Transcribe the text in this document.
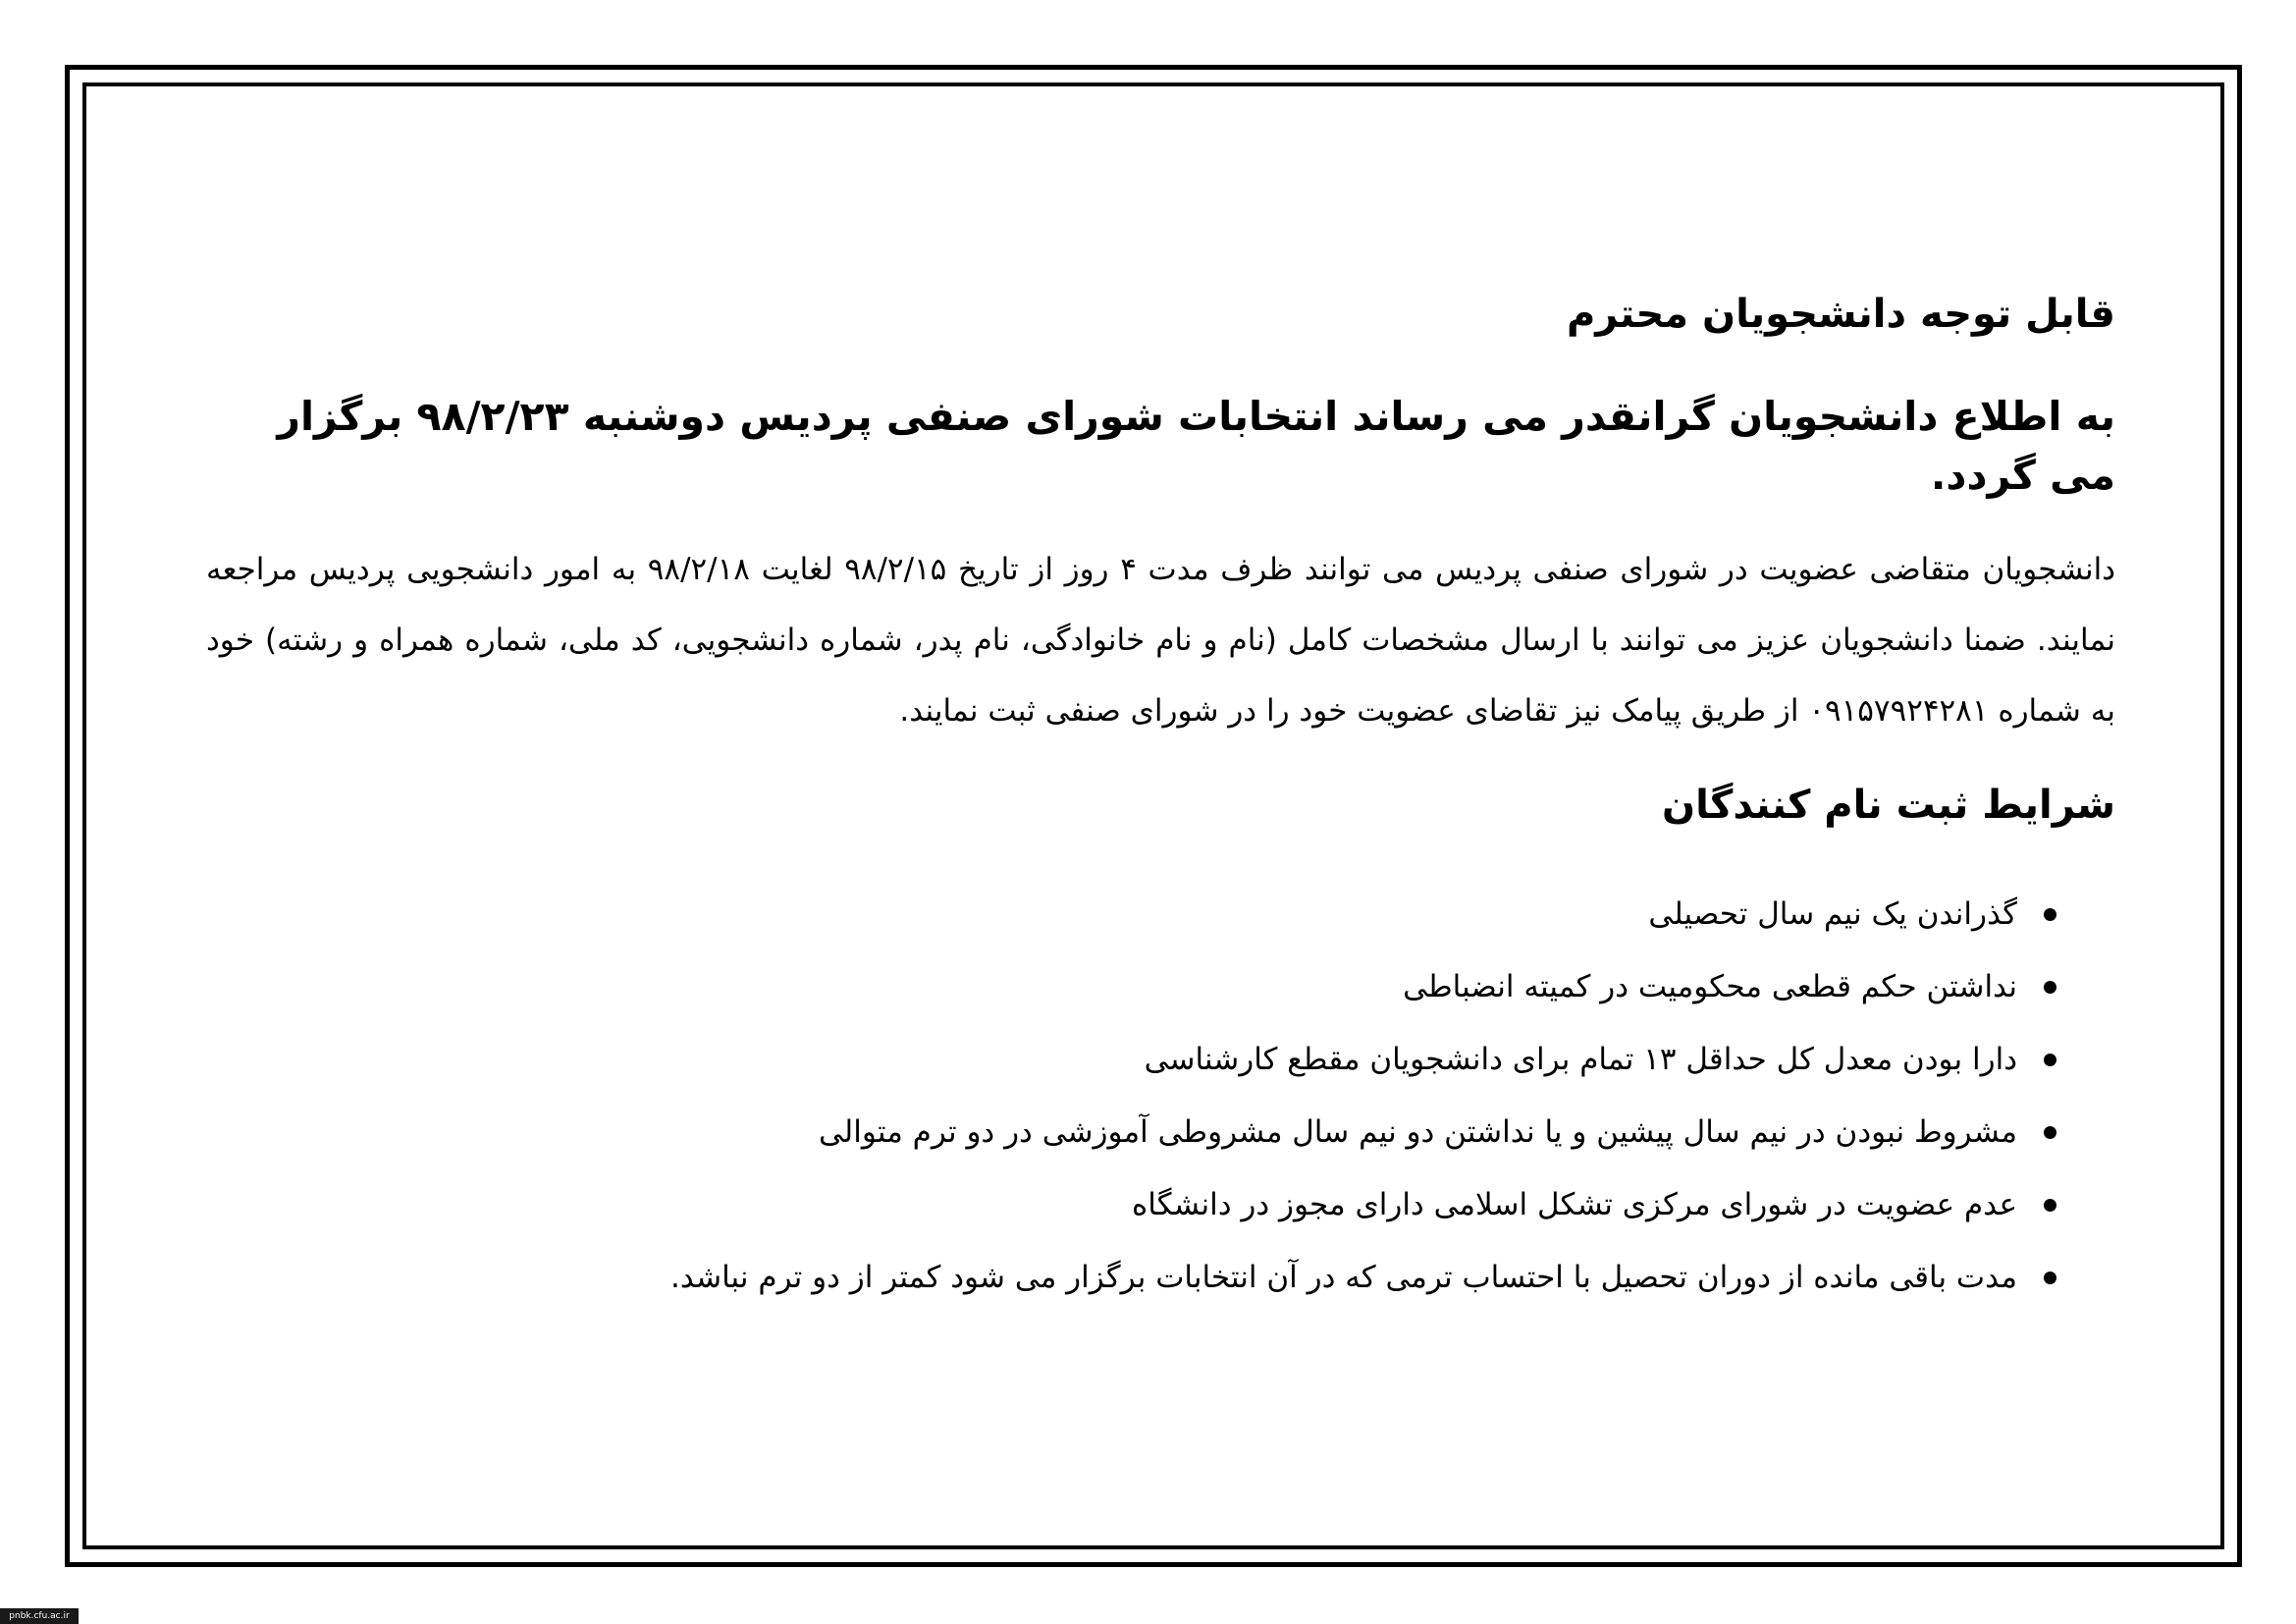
قابل توجه دانشجویان محترم
به اطلاع دانشجویان گرانقدر می رساند انتخابات شورای صنفی پردیس دوشنبه ۹۸/۲/۲۳ برگزار می گردد.
دانشجویان متقاضی عضویت در شورای صنفی پردیس می توانند ظرف مدت ۴ روز از تاریخ ۹۸/۲/۱۵ لغایت ۹۸/۲/۱۸ به امور دانشجویی پردیس مراجعه نمایند. ضمنا دانشجویان عزیز می توانند با ارسال مشخصات کامل (نام و نام خانوادگی، نام پدر، شماره دانشجویی، کد ملی، شماره همراه و رشته) خود به شماره ۰۹۱۵۷۹۲۴۲۸۱ از طریق پیامک نیز تقاضای عضویت خود را در شورای صنفی ثبت نمایند.
شرایط ثبت نام کنندگان
گذراندن یک نیم سال تحصیلی
نداشتن حکم قطعی محکومیت در کمیته انضباطی
دارا بودن معدل کل حداقل ۱۳ تمام برای دانشجویان مقطع کارشناسی
مشروط نبودن در نیم سال پیشین و یا نداشتن دو نیم سال مشروطی آموزشی در دو ترم متوالی
عدم عضویت در شورای مرکزی تشکل اسلامی دارای مجوز در دانشگاه
مدت باقی مانده از دوران تحصیل با احتساب ترمی که در آن انتخابات برگزار می شود کمتر از دو ترم نباشد.
pnbk.cfu.ac.ir
